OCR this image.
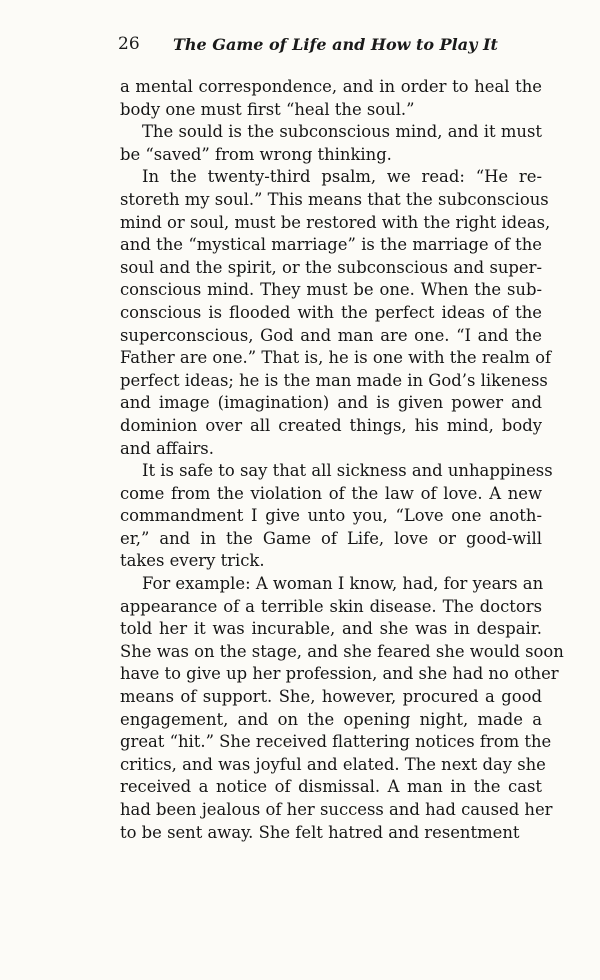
26 The Game of Life and How to Play It

a mental correspondence, and in order to heal the
body one must first “heal the soul.”

The sould is the subconscious mind, and it must
be “saved” from wrong thinking.

In the twenty-third psalm, we read: “He re-
storeth my soul.” This means that the subconscious
mind or soul, must be restored with the right ideas,
and the “mystical marriage” is the marriage of the
soul and the spirit, or the subconscious and super-
conscious mind. They must be one. When the sub-
conscious is flooded with the perfect ideas of the
superconscious, God and man are one. “I and the
Father are one.” That is, he is one with the realm of
perfect ideas; he is the man made in God’s likeness
and image (imagination) and is given power and
dominion over all created things, his mind, body
and affairs.

It is safe to say that all sickness and unhappiness
come from the violation of the law of love. A new
commandment I give unto you, “Love one anoth-
er,” and in the Game of Life, love or good-will
takes every trick.

For example: A woman I know, had, for years an
appearance of a terrible skin disease. The doctors
told her it was incurable, and she was in despair.
She was on the stage, and she feared she would soon
have to give up her profession, and she had no other
means of support. She, however, procured a good
engagement, and on the opening night, made a
great “hit.” She received flattering notices from the
critics, and was joyful and elated. The next day she
received a notice of dismissal. A man in the cast
had been jealous of her success and had caused her
to be sent away. She felt hatred and resentment
